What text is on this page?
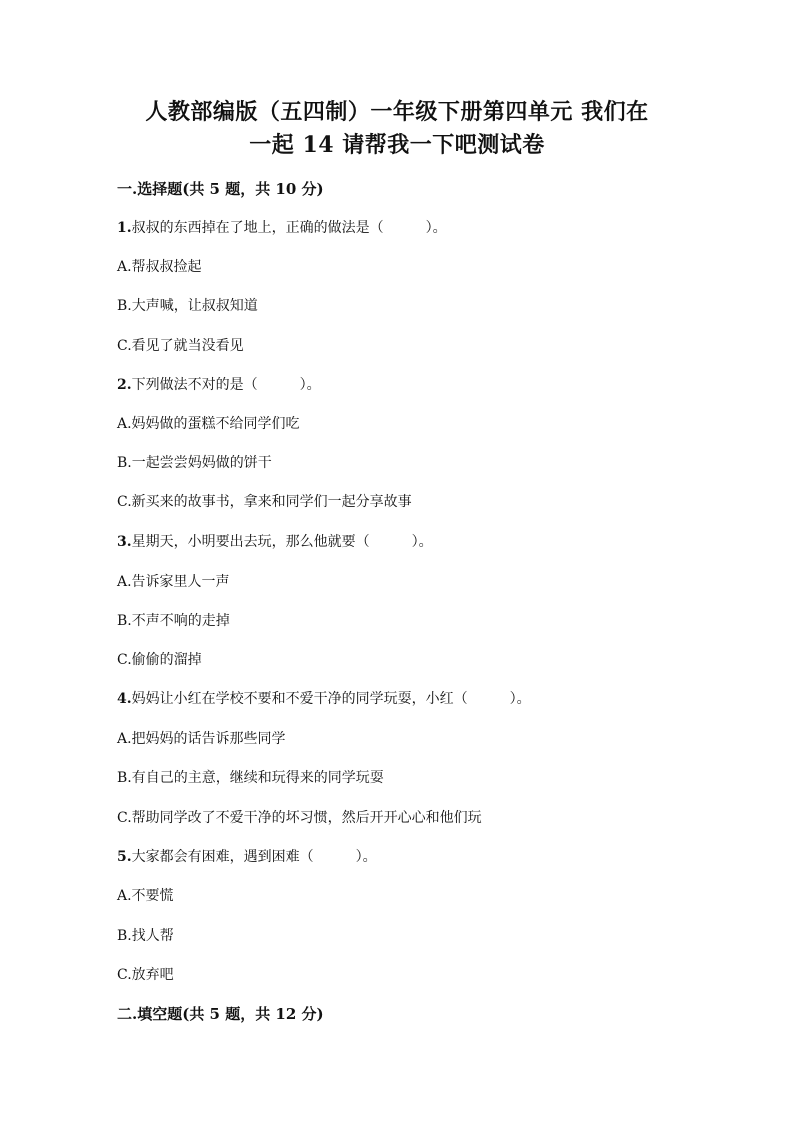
人教部编版（五四制）一年级下册第四单元 我们在
一起 14 请帮我一下吧测试卷
一.选择题(共 5 题，共 10 分)
1.叔叔的东西掉在了地上，正确的做法是（	）。
A.帮叔叔捡起
B.大声喊，让叔叔知道
C.看见了就当没看见
2.下列做法不对的是（	）。
A.妈妈做的蛋糕不给同学们吃
B.一起尝尝妈妈做的饼干
C.新买来的故事书，拿来和同学们一起分享故事
3.星期天，小明要出去玩，那么他就要（	）。
A.告诉家里人一声
B.不声不响的走掉
C.偷偷的溜掉
4.妈妈让小红在学校不要和不爱干净的同学玩耍，小红（	）。
A.把妈妈的话告诉那些同学
B.有自己的主意，继续和玩得来的同学玩耍
C.帮助同学改了不爱干净的坏习惯，然后开开心心和他们玩
5.大家都会有困难，遇到困难（	）。
A.不要慌
B.找人帮
C.放弃吧
二.填空题(共 5 题，共 12 分)
